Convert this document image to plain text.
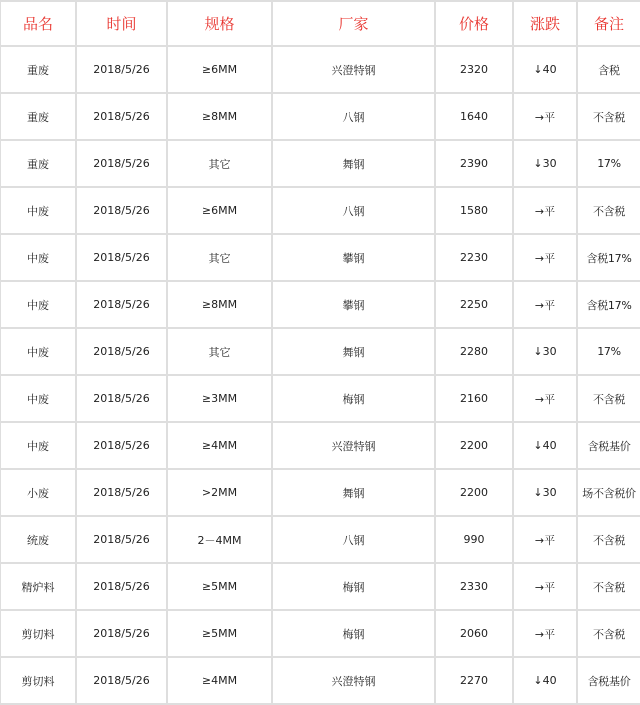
品名	时间	规格	厂家	价格	涨跌	备注
重废	2018/5/26	≥6MM	兴澄特钢	2320	↓40	含税
重废	2018/5/26	≥8MM	八钢	1640	→平	不含税
重废	2018/5/26	其它	舞钢	2390	↓30	17%
中废	2018/5/26	≥6MM	八钢	1580	→平	不含税
中废	2018/5/26	其它	攀钢	2230	→平	含税17%
中废	2018/5/26	≥8MM	攀钢	2250	→平	含税17%
中废	2018/5/26	其它	舞钢	2280	↓30	17%
中废	2018/5/26	≥3MM	梅钢	2160	→平	不含税
中废	2018/5/26	≥4MM	兴澄特钢	2200	↓40	含税基价
小废	2018/5/26	>2MM	舞钢	2200	↓30	场不含税价
统废	2018/5/26	2－4MM	八钢	990	→平	不含税
精炉料	2018/5/26	≥5MM	梅钢	2330	→平	不含税
剪切料	2018/5/26	≥5MM	梅钢	2060	→平	不含税
剪切料	2018/5/26	≥4MM	兴澄特钢	2270	↓40	含税基价
